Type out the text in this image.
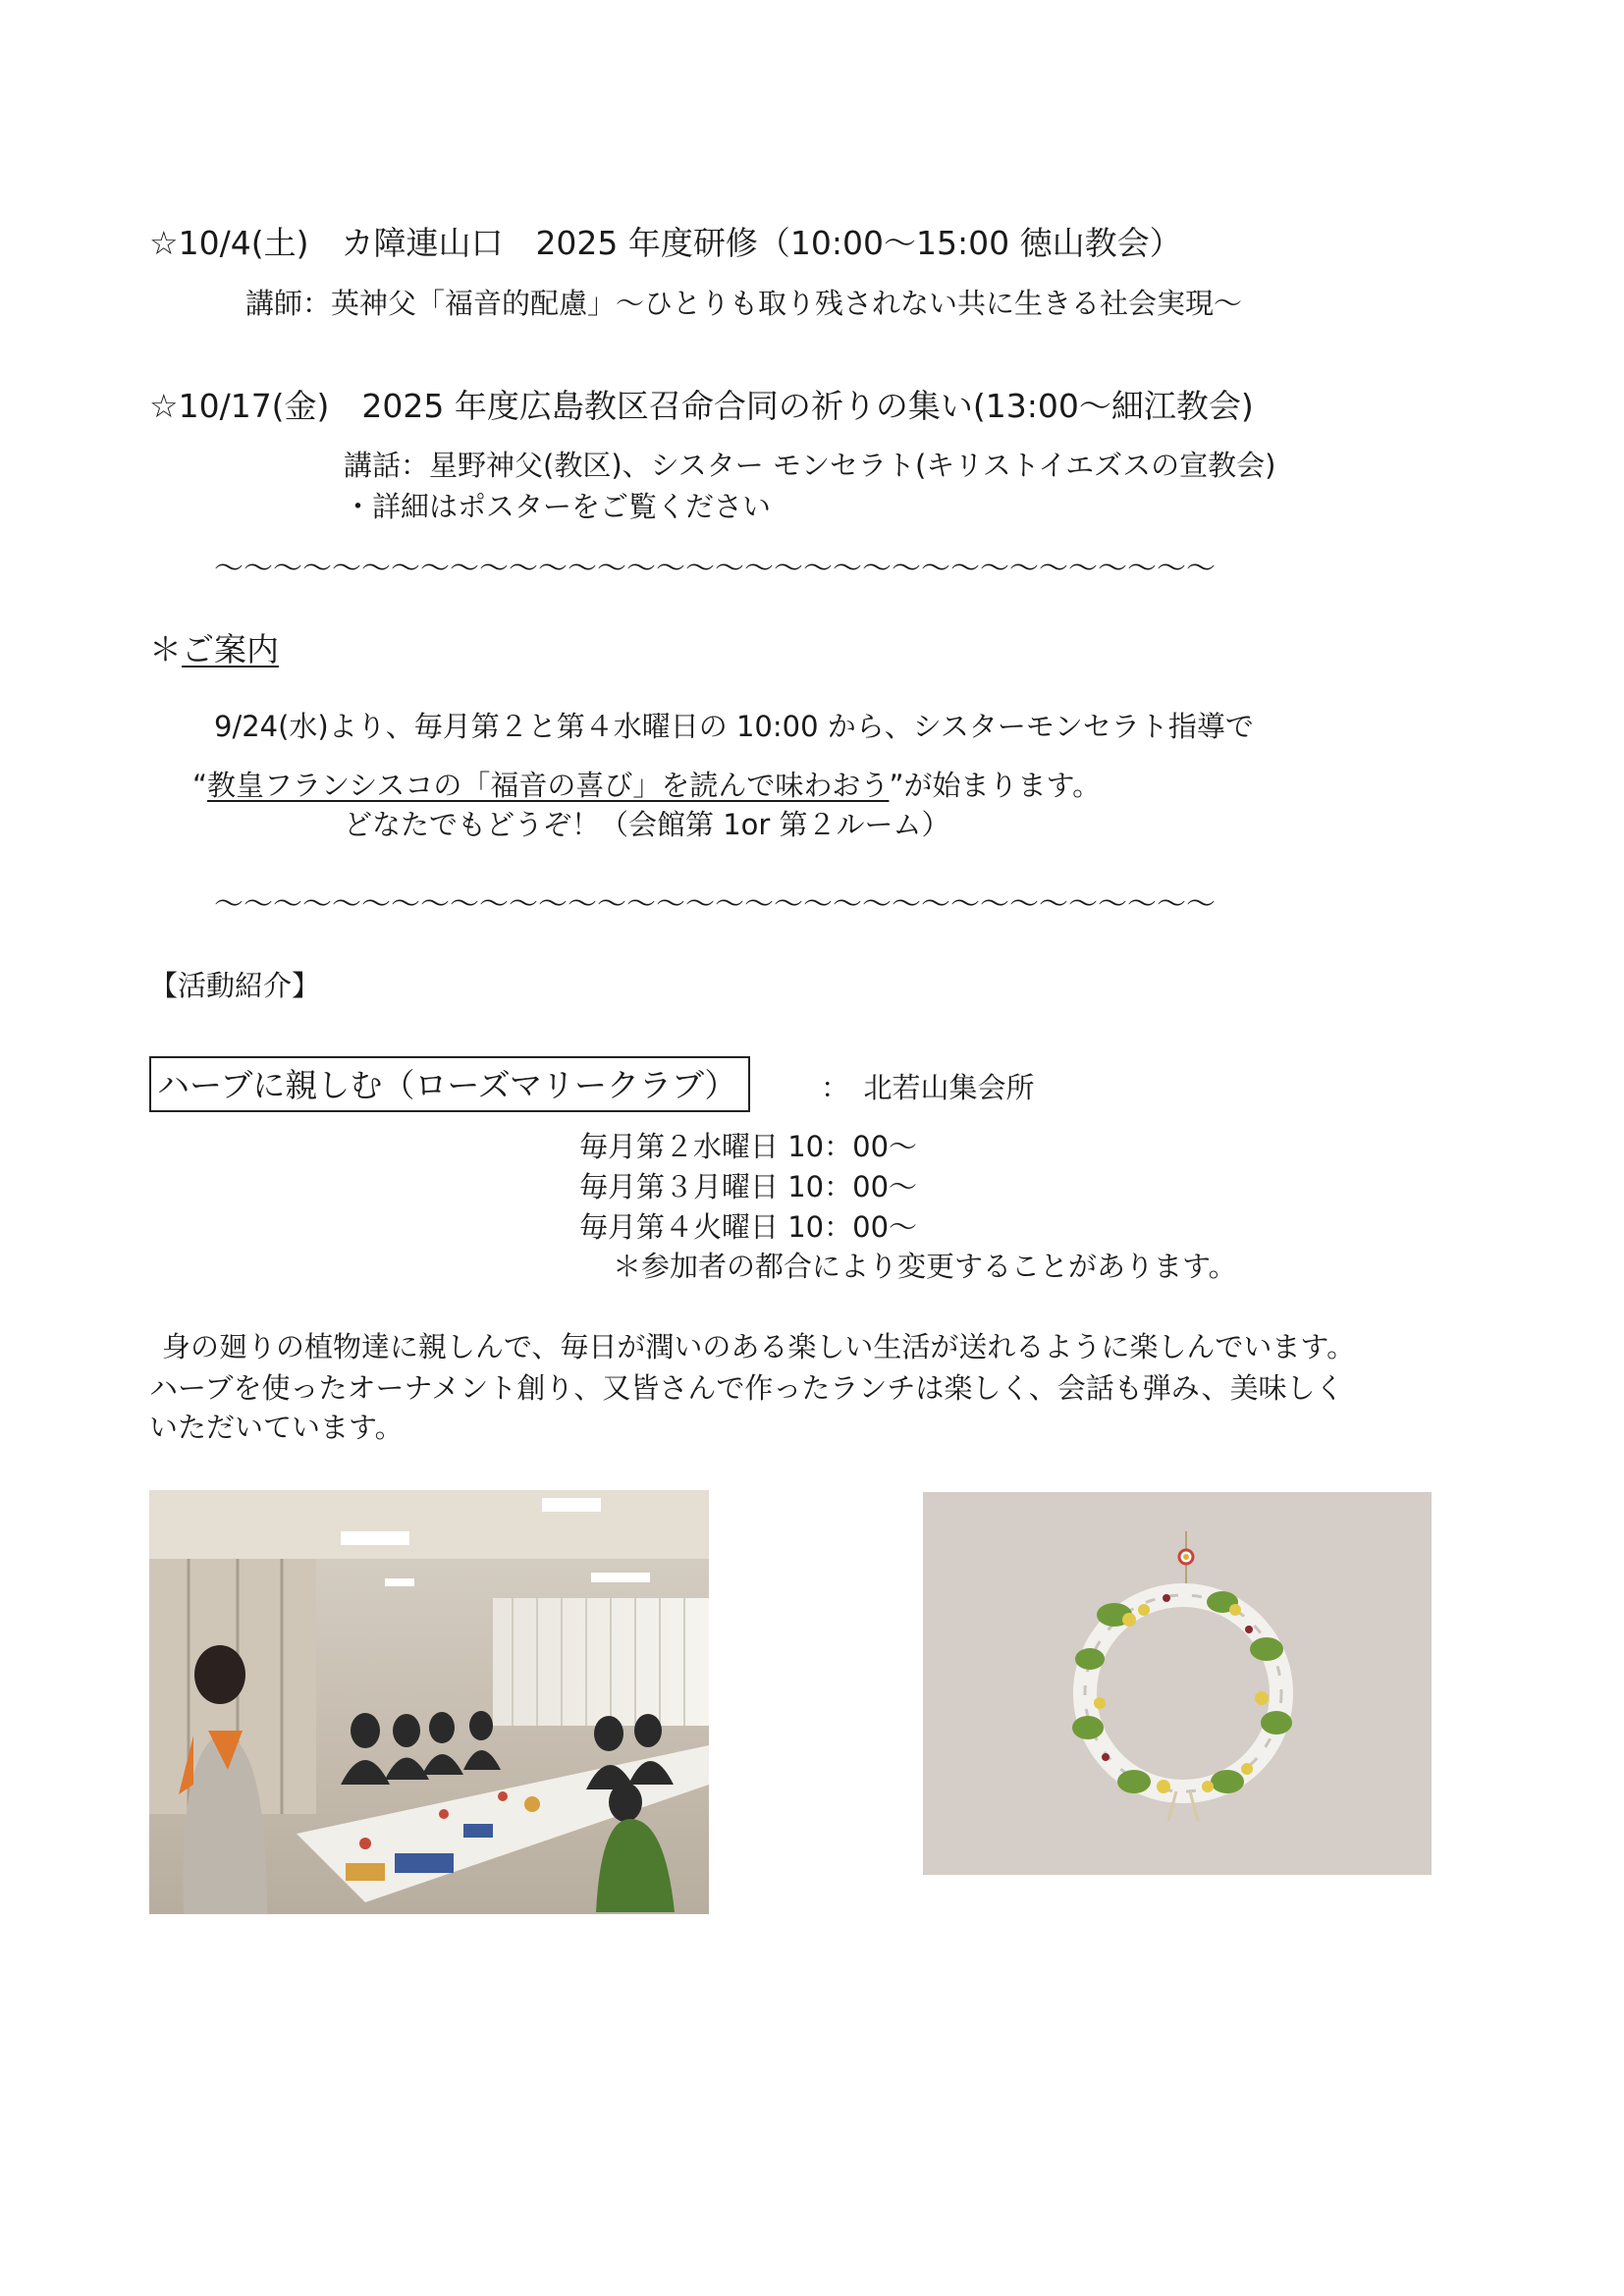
☆10/4(土)　カ障連山口　2025 年度研修（10:00～15:00 徳山教会）
講師：英神父「福音的配慮」～ひとりも取り残されない共に生きる社会実現～
☆10/17(金)　2025 年度広島教区召命合同の祈りの集い(13:00～細江教会)
講話：星野神父(教区)、シスター モンセラト(キリストイエズスの宣教会)
・詳細はポスターをご覧ください
～～～～～～～～～～～～～～～～～～～～～～～～～～～～～～～～～～
＊ご案内
9/24(水)より、毎月第２と第４水曜日の 10:00 から、シスターモンセラト指導で
“教皇フランシスコの「福音の喜び」を読んで味わおう”が始まります。
どなたでもどうぞ！（会館第 1or 第２ルーム）
～～～～～～～～～～～～～～～～～～～～～～～～～～～～～～～～～～
【活動紹介】
ハーブに親しむ（ローズマリークラブ）	：　北若山集会所
毎月第２水曜日 10：00～
毎月第３月曜日 10：00～
毎月第４火曜日 10：00～
＊参加者の都合により変更することがあります。
身の廻りの植物達に親しんで、毎日が潤いのある楽しい生活が送れるように楽しんでいます。
ハーブを使ったオーナメント創り、又皆さんで作ったランチは楽しく、会話も弾み、美味しく
いただいています。
